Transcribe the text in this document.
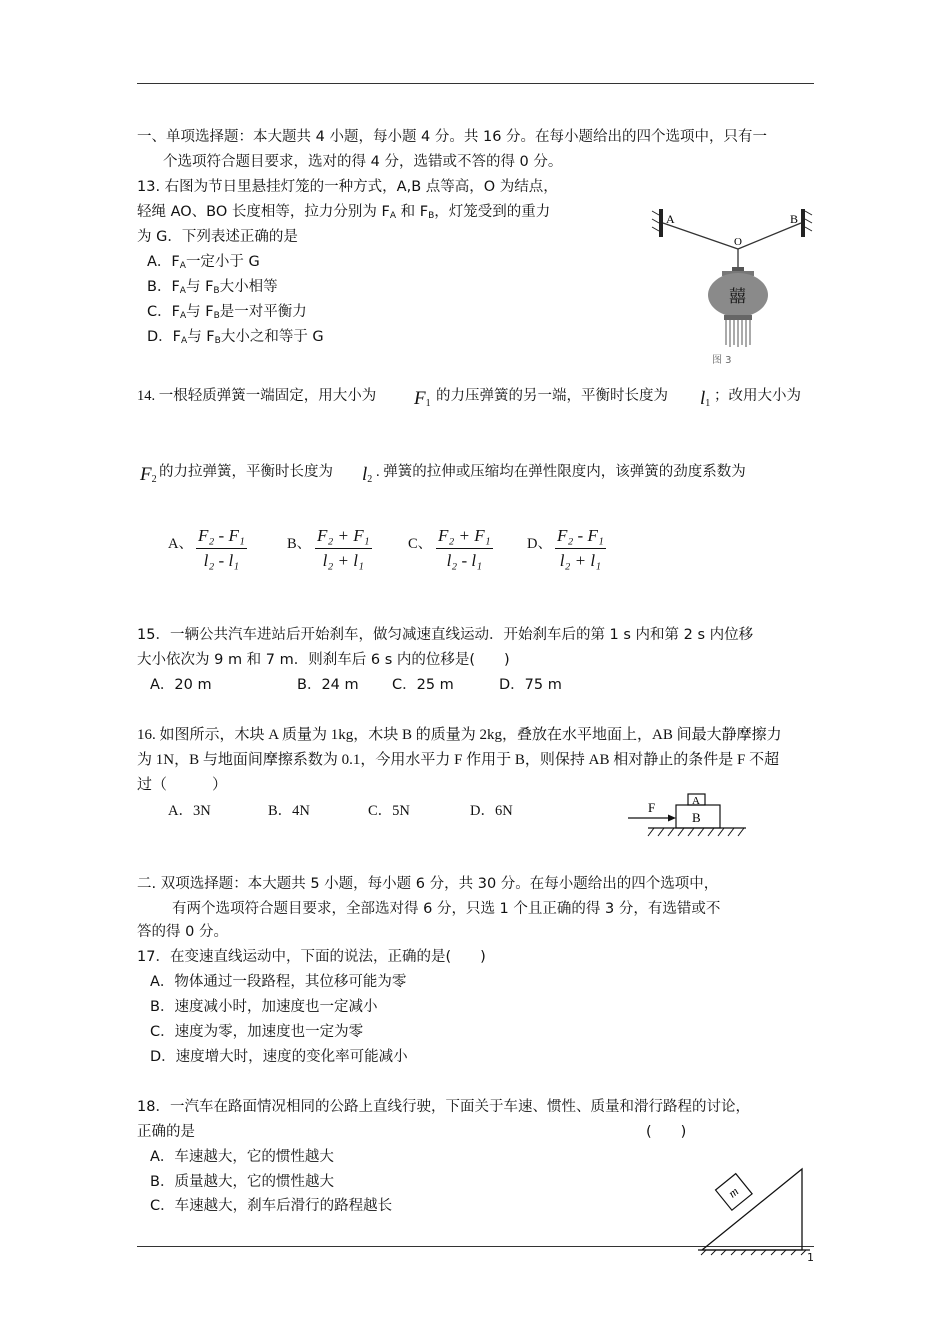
一、单项选择题：本大题共 4 小题，每小题 4 分。共 16 分。在每小题给出的四个选项中，只有一
个选项符合题目要求，选对的得 4 分，选错或不答的得 0 分。
13. 右图为节日里悬挂灯笼的一种方式，A,B 点等高，O 为结点，
轻绳 AO、BO 长度相等，拉力分别为 $F_A$ 和 $F_B$，灯笼受到的重力
为 G．下列表述正确的是
A．$F_A$一定小于 G
B．$F_A$与 $F_B$大小相等
C．$F_A$与 $F_B$是一对平衡力
D．$F_A$与 $F_B$大小之和等于 G
A	B
O
囍
图 3
14. 一根轻质弹簧一端固定，用大小为 $F_1$ 的力压弹簧的另一端，平衡时长度为 $l_1$ ；改用大小为
$F_2$ 的力拉弹簧，平衡时长度为 $l_2$ . 弹簧的拉伸或压缩均在弹性限度内，该弹簧的劲度系数为
A、 $\frac{\text{F₂ - F₁}}{\text{l₂ - l₁}}$	B、 $\frac{\text{F₂ + F₁}}{\text{l₂ + l₁}}$	C、 $\frac{\text{F₂ + F₁}}{\text{l₂ - l₁}}$ D、 $\frac{\text{F₂ - F₁}}{\text{l₂ + l₁}}$
15．一辆公共汽车进站后开始刹车，做匀减速直线运动．开始刹车后的第 1 s 内和第 2 s 内位移
大小依次为 9 m 和 7 m．则刹车后 6 s 内的位移是(　　)
A．20 m	B．24 m C．25 m	D．75 m
16. 如图所示，木块 A 质量为 1kg，木块 B 的质量为 2kg，叠放在水平地面上，AB 间最大静摩擦力
为 1N，B 与地面间摩擦系数为 0.1，今用水平力 F 作用于 B，则保持 AB 相对静止的条件是 F 不超
过（　　　）
A．3N	B．4N	C．5N	D．6N	F	A
B
二. 双项选择题：本大题共 5 小题，每小题 6 分，共 30 分。在每小题给出的四个选项中，
有两个选项符合题目要求，全部选对得 6 分，只选 1 个且正确的得 3 分，有选错或不
答的得 0 分。
17．在变速直线运动中，下面的说法，正确的是(　　)
A．物体通过一段路程，其位移可能为零
B．速度减小时，加速度也一定减小
C．速度为零，加速度也一定为零
D．速度增大时，速度的变化率可能减小
18．一汽车在路面情况相同的公路上直线行驶，下面关于车速、惯性、质量和滑行路程的讨论，
正确的是	(　　)
A．车速越大，它的惯性越大
B．质量越大，它的惯性越大
C．车速越大，刹车后滑行的路程越长
m
1
